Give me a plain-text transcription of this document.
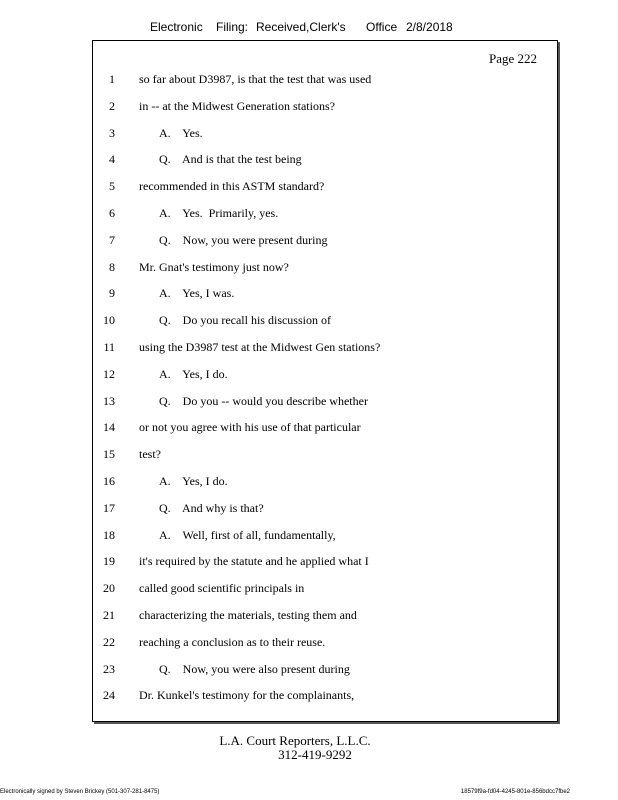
Electronic Filing: Received,Clerk's Office 2/8/2018
Page 222
1 so far about D3987, is that the test that was used
2 in -- at the Midwest Generation stations?
3	A.    Yes.
4	Q.    And is that the test being
5 recommended in this ASTM standard?
6	A.    Yes.  Primarily, yes.
7	Q.    Now, you were present during
8 Mr. Gnat's testimony just now?
9	A.    Yes, I was.
10	Q.    Do you recall his discussion of
11 using the D3987 test at the Midwest Gen stations?
12	A.    Yes, I do.
13	Q.    Do you -- would you describe whether
14 or not you agree with his use of that particular
15 test?
16	A.    Yes, I do.
17	Q.    And why is that?
18	A.    Well, first of all, fundamentally,
19 it's required by the statute and he applied what I
20 called good scientific principals in
21 characterizing the materials, testing them and
22 reaching a conclusion as to their reuse.
23	Q.    Now, you were also present during
24 Dr. Kunkel's testimony for the complainants,
L.A. Court Reporters, L.L.C.
312-419-9292
Electronically signed by Steven Brickey (501-307-281-8475)	18579f9a-fd04-4245-801e-856bdcc7fbe2
